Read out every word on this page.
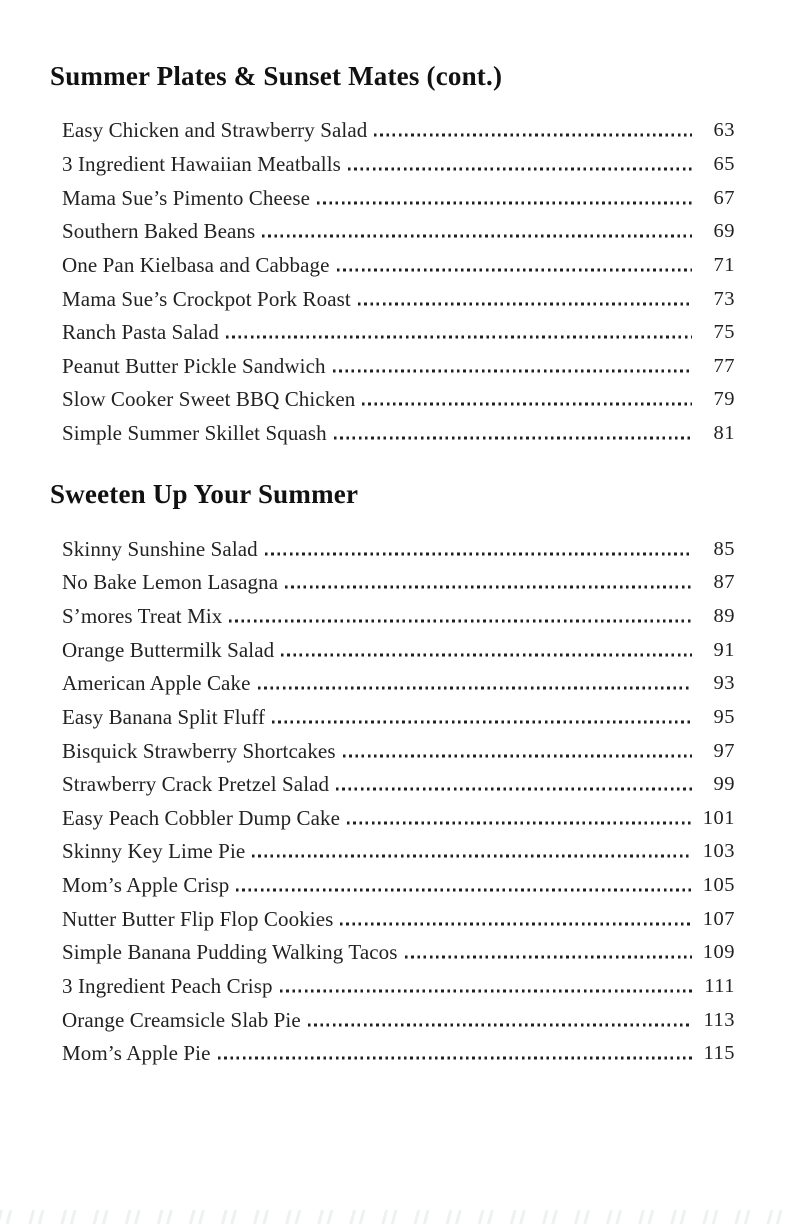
Summer Plates & Sunset Mates (cont.)
Easy Chicken and Strawberry Salad	63
3 Ingredient Hawaiian Meatballs	65
Mama Sue’s Pimento Cheese	67
Southern Baked Beans	69
One Pan Kielbasa and Cabbage	71
Mama Sue’s Crockpot Pork Roast	73
Ranch Pasta Salad	75
Peanut Butter Pickle Sandwich	77
Slow Cooker Sweet BBQ Chicken	79
Simple Summer Skillet Squash	81
Sweeten Up Your Summer
Skinny Sunshine Salad	85
No Bake Lemon Lasagna	87
S’mores Treat Mix	89
Orange Buttermilk Salad	91
American Apple Cake	93
Easy Banana Split Fluff	95
Bisquick Strawberry Shortcakes	97
Strawberry Crack Pretzel Salad	99
Easy Peach Cobbler Dump Cake	101
Skinny Key Lime Pie	103
Mom’s Apple Crisp	105
Nutter Butter Flip Flop Cookies	107
Simple Banana Pudding Walking Tacos	109
3 Ingredient Peach Crisp	111
Orange Creamsicle Slab Pie	113
Mom’s Apple Pie	115
